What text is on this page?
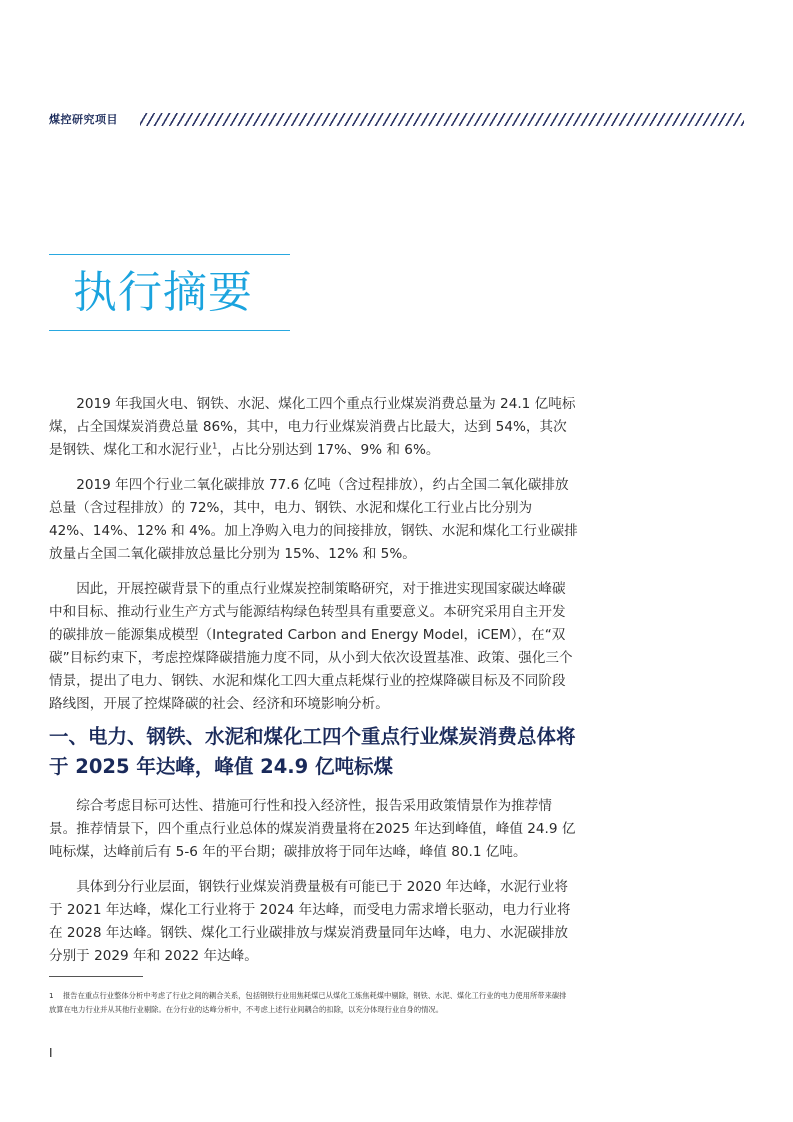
煤控研究项目
执行摘要

2019 年我国火电、钢铁、水泥、煤化工四个重点行业煤炭消费总量为 24.1 亿吨标煤，占全国煤炭消费总量 86%，其中，电力行业煤炭消费占比最大，达到 54%，其次是钢铁、煤化工和水泥行业$^1$，占比分别达到 17%、9% 和 6%。

2019 年四个行业二氧化碳排放 77.6 亿吨（含过程排放），约占全国二氧化碳排放总量（含过程排放）的 72%，其中，电力、钢铁、水泥和煤化工行业占比分别为 42%、14%、12% 和 4%。加上净购入电力的间接排放，钢铁、水泥和煤化工行业碳排放量占全国二氧化碳排放总量比分别为 15%、12% 和 5%。

因此，开展控碳背景下的重点行业煤炭控制策略研究，对于推进实现国家碳达峰碳中和目标、推动行业生产方式与能源结构绿色转型具有重要意义。本研究采用自主开发的碳排放－能源集成模型（Integrated Carbon and Energy Model，iCEM），在“双碳”目标约束下，考虑控煤降碳措施力度不同，从小到大依次设置基准、政策、强化三个情景，提出了电力、钢铁、水泥和煤化工四大重点耗煤行业的控煤降碳目标及不同阶段路线图，开展了控煤降碳的社会、经济和环境影响分析。

一、电力、钢铁、水泥和煤化工四个重点行业煤炭消费总体将于 2025 年达峰，峰值 24.9 亿吨标煤

综合考虑目标可达性、措施可行性和投入经济性，报告采用政策情景作为推荐情景。推荐情景下，四个重点行业总体的煤炭消费量将在2025 年达到峰值，峰值 24.9 亿吨标煤，达峰前后有 5-6 年的平台期；碳排放将于同年达峰，峰值 80.1 亿吨。

具体到分行业层面，钢铁行业煤炭消费量极有可能已于 2020 年达峰，水泥行业将于 2021 年达峰，煤化工行业将于 2024 年达峰，而受电力需求增长驱动，电力行业将在 2028 年达峰。钢铁、煤化工行业碳排放与煤炭消费量同年达峰，电力、水泥碳排放分别于 2029 年和 2022 年达峰。

1 报告在重点行业整体分析中考虑了行业之间的耦合关系，包括钢铁行业用焦耗煤已从煤化工炼焦耗煤中剔除，钢铁、水泥、煤化工行业的电力使用所带来碳排放算在电力行业并从其他行业剔除。在分行业的达峰分析中，不考虑上述行业间耦合的扣除，以充分体现行业自身的情况。

I
